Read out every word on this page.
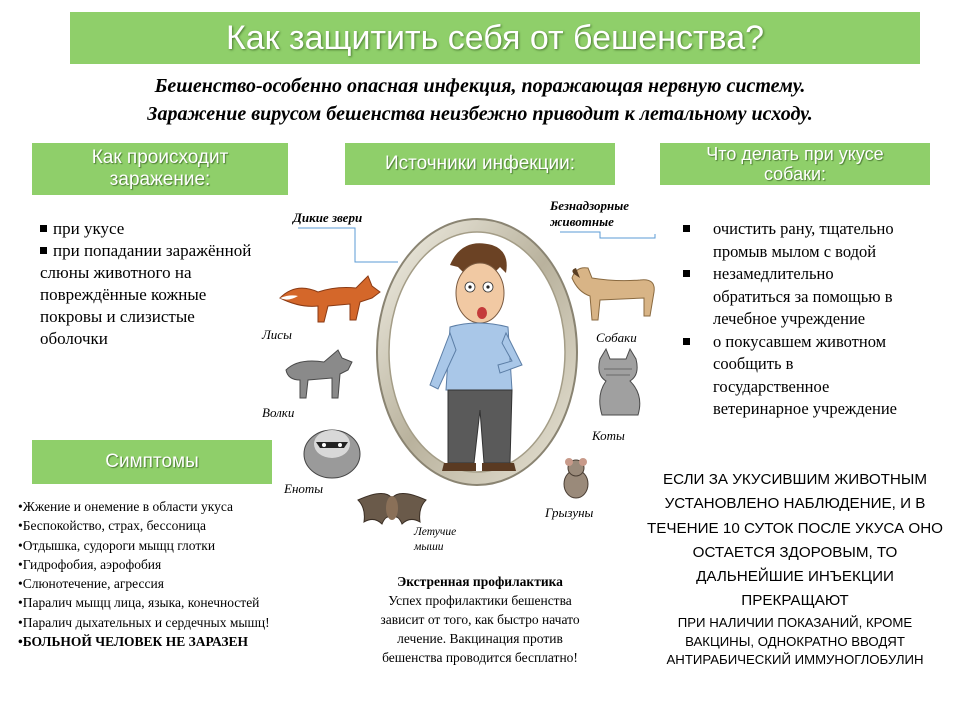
Как защитить себя от бешенства?
Бешенство-особенно опасная инфекция, поражающая нервную систему.
Заражение вирусом бешенства неизбежно приводит к летальному исходу.
Как происходит
заражение:
Источники инфекции:	Что делать при укусе
собаки:
Симптомы
при укусе
при попадании заражённой
слюны животного на
повреждённые кожные
покровы и слизистые
оболочки
очистить рану, тщательно
промыв мылом с водой
незамедлительно
обратиться за помощью в
лечебное учреждение
о покусавшем животном
сообщить в
государственное
ветеринарное учреждение
•Жжение и онемение в области укуса
•Беспокойство, страх, бессоница
•Отдышка, судороги мыщц глотки
•Гидрофобия, аэрофобия
•Слюнотечение, агрессия
•Паралич мыщц лица, языка, конечностей
•Паралич дыхательных и сердечных мышц!
•БОЛЬНОЙ ЧЕЛОВЕК НЕ ЗАРАЗЕН
Дикие звери
Лисы
Волки
Еноты
Летучие
мыши
Безнадзорные
животные
Собаки
Коты
Грызуны
Экстренная профилактика
Успех профилактики бешенства
зависит от того, как быстро начато
лечение. Вакцинация против
бешенства проводится бесплатно!
ЕСЛИ ЗА УКУСИВШИМ ЖИВОТНЫМ
УСТАНОВЛЕНО НАБЛЮДЕНИЕ, И В
ТЕЧЕНИЕ 10 СУТОК ПОСЛЕ УКУСА ОНО
ОСТАЕТСЯ ЗДОРОВЫМ, ТО
ДАЛЬНЕЙШИЕ ИНЪЕКЦИИ
ПРЕКРАЩАЮТ
ПРИ НАЛИЧИИ ПОКАЗАНИЙ, КРОМЕ
ВАКЦИНЫ, ОДНОКРАТНО ВВОДЯТ
АНТИРАБИЧЕСКИЙ ИММУНОГЛОБУЛИН
